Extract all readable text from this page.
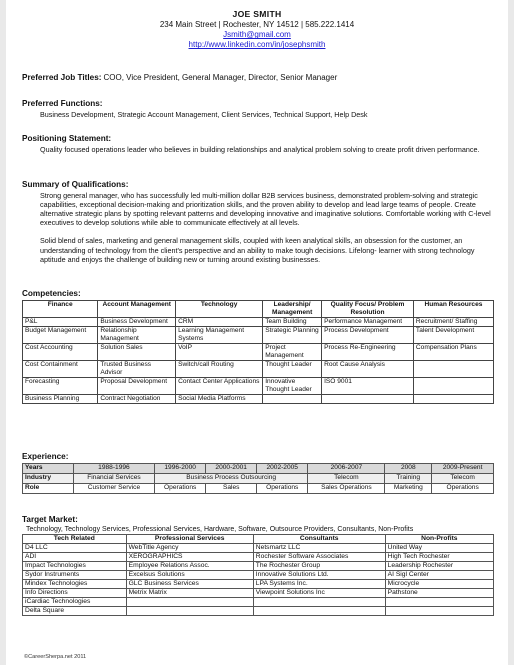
JOE SMITH
234 Main Street | Rochester, NY 14512 | 585.222.1414
Jsmith@gmail.com
http://www.linkedin.com/in/josephsmith
Preferred Job Titles: COO, Vice President, General Manager, Director, Senior Manager
Preferred Functions:
Business Development, Strategic Account Management, Client Services, Technical Support, Help Desk
Positioning Statement:
Quality focused operations leader who believes in building relationships and analytical problem solving to create profit driven performance.
Summary of Qualifications:
Strong general manager, who has successfully led multi-million dollar B2B services business, demonstrated problem-solving and strategic capabilities, exceptional decision-making and prioritization skills, and the proven ability to develop and lead large teams of people. Create alternative strategic plans by spotting relevant patterns and developing innovative and imaginative solutions. Comfortable working with C-level executives to develop solutions while able to communicate effectively at all levels.
Solid blend of sales, marketing and general management skills, coupled with keen analytical skills, an obsession for the customer, an understanding of technology from the client's perspective and an ability to make tough decisions. Lifelong- learner with strong technology aptitude and enjoys the challenge of building new or turning around existing businesses.
Competencies:
Finance	Account Management	Technology	Leadership/ Management	Quality Focus/ Problem Resolution	Human Resources
P&L	Business Development	CRM	Team Building	Performance Management	Recruitment/ Staffing
Budget Management	Relationship Management	Learning Management Systems	Strategic Planning	Process Development	Talent Development
Cost Accounting	Solution Sales	VoIP	Project Management	Process Re-Engineering	Compensation Plans
Cost Containment	Trusted Business Advisor	Switch/call Routing	Thought Leader	Root Cause Analysis	
Forecasting	Proposal Development	Contact Center Applications	Innovative Thought Leader	ISO 9001	
Business Planning	Contract Negotiation	Social Media Platforms			
Experience:
Years	1988-1996	1996-2000	2000-2001	2002-2005	2006-2007	2008	2009-Present
Industry	Financial Services	Business Process Outsourcing			Telecom	Training	Telecom
Role	Customer Service	Operations	Sales	Operations	Sales Operations	Marketing	Operations
Target Market:
Technology, Technology Services, Professional Services, Hardware, Software, Outsource Providers, Consultants, Non-Profits
Tech Related	Professional Services	Consultants	Non-Profits
D4 LLC	WebTitle Agency	Netsmartz LLC	United Way
ADI	XEROGRAPHICS	Rochester Software Associates	High Tech Rochester
Impact Technologies	Employee Relations Assoc.	The Rochester Group	Leadership Rochester
Sydor Instruments	Excelsus Solutions	Innovative Solutions Ltd.	AI Sigl Center
Mindex Technologies	GLC Business Services	LPA Systems Inc.	Microcycle
Info Directions	Metrix Matrix	Viewpoint Solutions Inc	Pathstone
iCardiac Technologies			
Delta Square			
©CareerSherpa.net 2011
